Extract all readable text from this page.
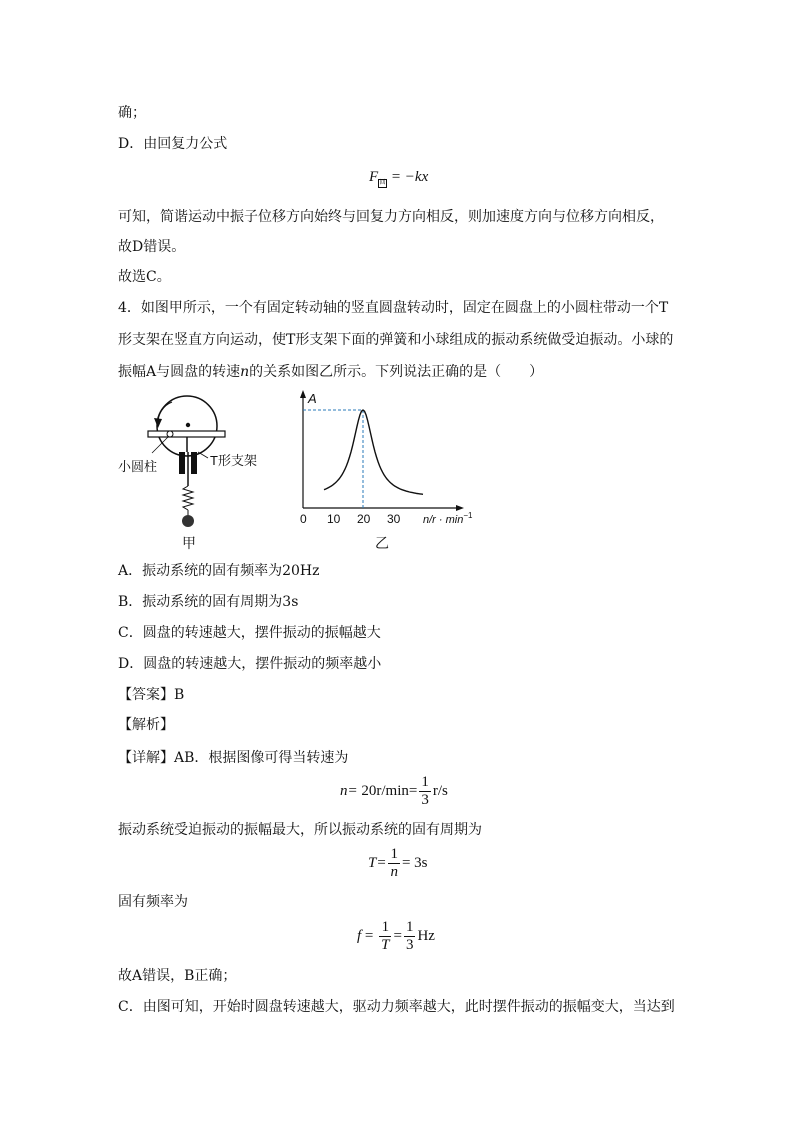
确；
D．由回复力公式
F回 = −kx
可知，简谐运动中振子位移方向始终与回复力方向相反，则加速度方向与位移方向相反，
故D错误。
故选C。
4．如图甲所示，一个有固定转动轴的竖直圆盘转动时，固定在圆盘上的小圆柱带动一个T
形支架在竖直方向运动，使T形支架下面的弹簧和小球组成的振动系统做受迫振动。小球的
振幅A与圆盘的转速n的关系如图乙所示。下列说法正确的是（　　）
小圆柱	T形支架
甲
A
0 10 20 30 $n/r \cdot \min^{-1}$
乙
A．振动系统的固有频率为20Hz
B．振动系统的固有周期为3s
C．圆盘的转速越大，摆件振动的振幅越大
D．圆盘的转速越大，摆件振动的频率越小
【答案】B
【解析】
【详解】AB．根据图像可得当转速为
$n= 20r/\min= \frac{1}{3} r/s$
振动系统受迫振动的振幅最大，所以振动系统的固有周期为
$T= \frac{1}{n} = 3s$
固有频率为
$f = \frac{1}{T} = \frac{1}{3}$ Hz
故A错误，B正确；
C．由图可知，开始时圆盘转速越大，驱动力频率越大，此时摆件振动的振幅变大，当达到
